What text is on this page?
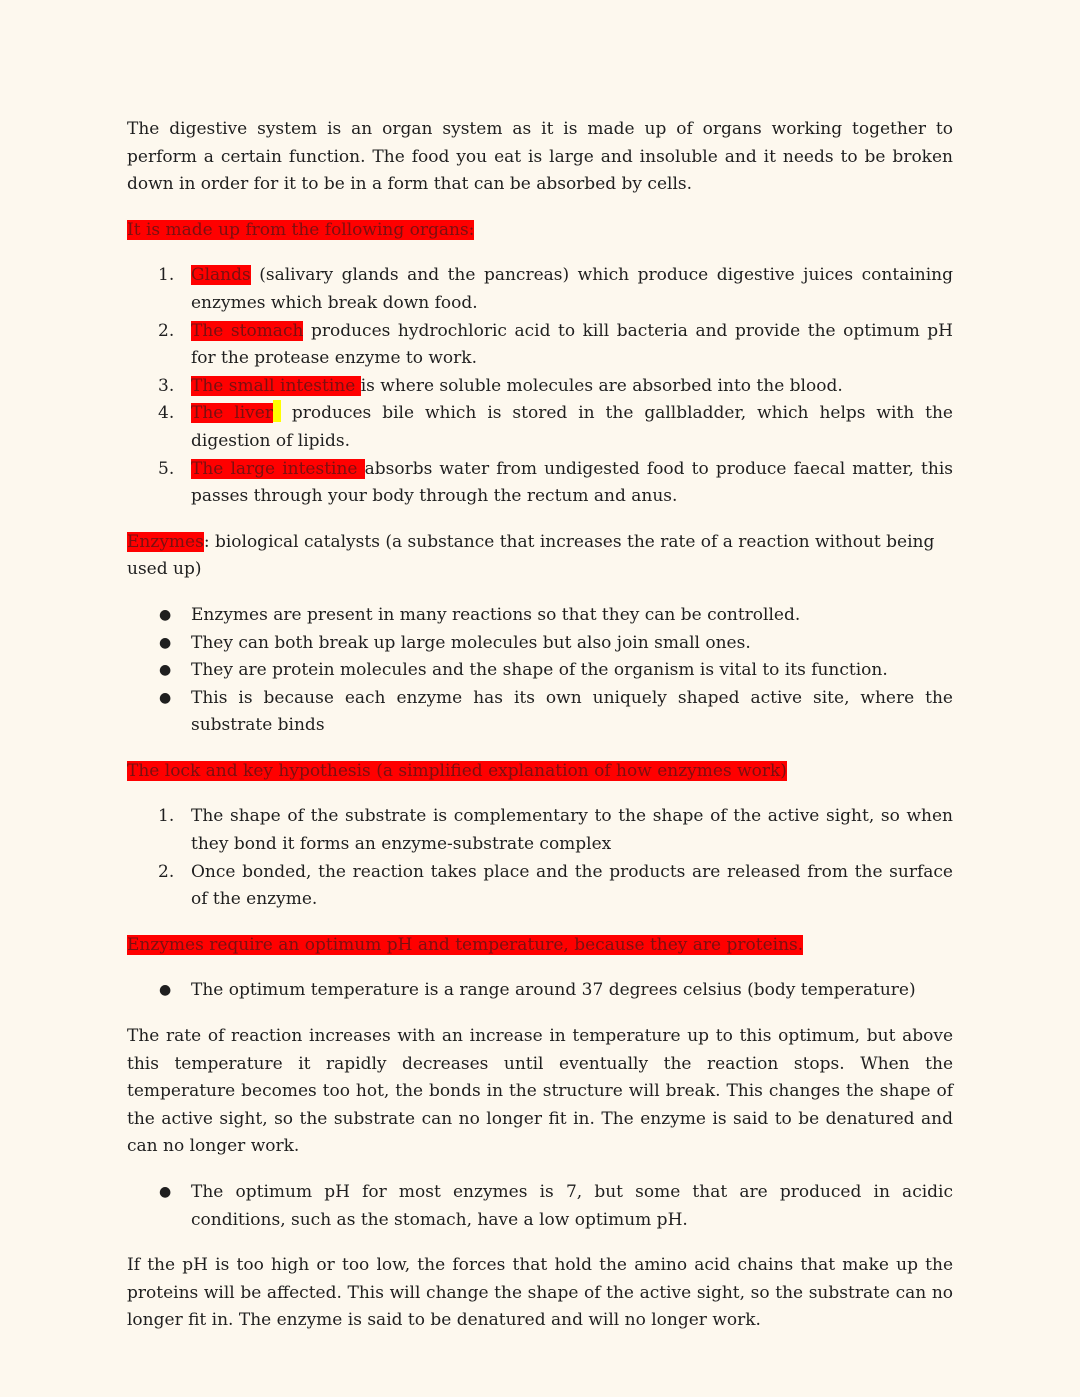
The digestive system is an organ system as it is made up of organs working together to perform a certain function. The food you eat is large and insoluble and it needs to be broken down in order for it to be in a form that can be absorbed by cells.

It is made up from the following organs:

1. Glands (salivary glands and the pancreas) which produce digestive juices containing enzymes which break down food.
2. The stomach produces hydrochloric acid to kill bacteria and provide the optimum pH for the protease enzyme to work.
3. The small intestine is where soluble molecules are absorbed into the blood.
4. The liver produces bile which is stored in the gallbladder, which helps with the digestion of lipids.
5. The large intestine absorbs water from undigested food to produce faecal matter, this passes through your body through the rectum and anus.

Enzymes: biological catalysts (a substance that increases the rate of a reaction without being used up)

● Enzymes are present in many reactions so that they can be controlled.
● They can both break up large molecules but also join small ones.
● They are protein molecules and the shape of the organism is vital to its function.
● This is because each enzyme has its own uniquely shaped active site, where the substrate binds

The lock and key hypothesis (a simplified explanation of how enzymes work)

1. The shape of the substrate is complementary to the shape of the active sight, so when they bond it forms an enzyme-substrate complex
2. Once bonded, the reaction takes place and the products are released from the surface of the enzyme.

Enzymes require an optimum pH and temperature, because they are proteins.

● The optimum temperature is a range around 37 degrees celsius (body temperature)

The rate of reaction increases with an increase in temperature up to this optimum, but above this temperature it rapidly decreases until eventually the reaction stops. When the temperature becomes too hot, the bonds in the structure will break. This changes the shape of the active sight, so the substrate can no longer fit in. The enzyme is said to be denatured and can no longer work.

● The optimum pH for most enzymes is 7, but some that are produced in acidic conditions, such as the stomach, have a low optimum pH.

If the pH is too high or too low, the forces that hold the amino acid chains that make up the proteins will be affected. This will change the shape of the active sight, so the substrate can no longer fit in. The enzyme is said to be denatured and will no longer work.
